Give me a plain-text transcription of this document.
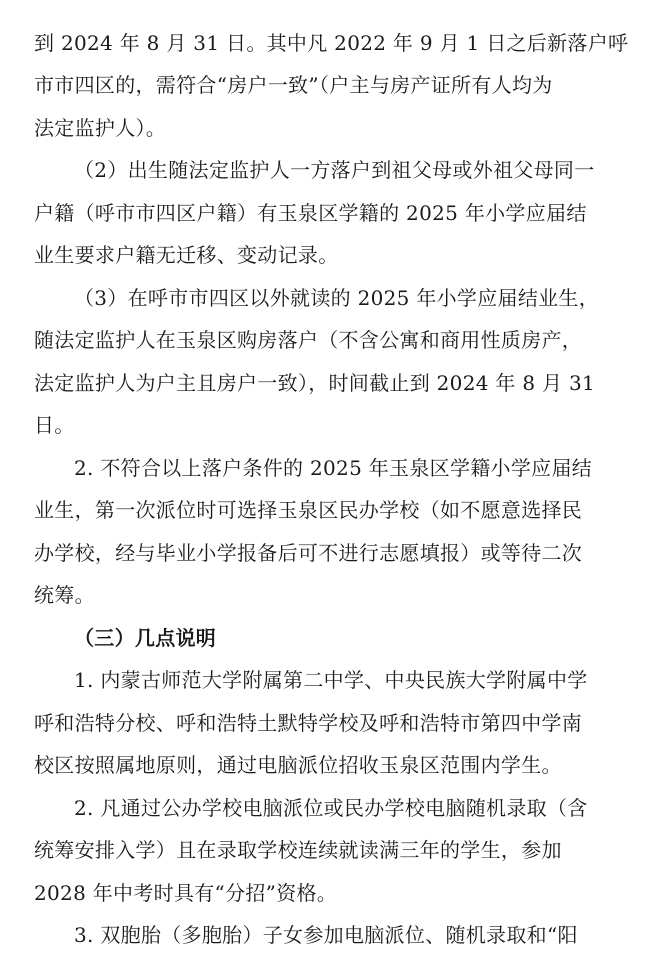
到 2024 年 8 月 31 日。其中凡 2022 年 9 月 1 日之后新落户呼
市市四区的，需符合“房户一致”（户主与房产证所有人均为
法定监护人）。
（2）出生随法定监护人一方落户到祖父母或外祖父母同一
户籍（呼市市四区户籍）有玉泉区学籍的 2025 年小学应届结
业生要求户籍无迁移、变动记录。
（3）在呼市市四区以外就读的 2025 年小学应届结业生，
随法定监护人在玉泉区购房落户（不含公寓和商用性质房产，
法定监护人为户主且房户一致），时间截止到 2024 年 8 月 31
日。
2. 不符合以上落户条件的 2025 年玉泉区学籍小学应届结
业生，第一次派位时可选择玉泉区民办学校（如不愿意选择民
办学校，经与毕业小学报备后可不进行志愿填报）或等待二次
统筹。
（三）几点说明
1. 内蒙古师范大学附属第二中学、中央民族大学附属中学
呼和浩特分校、呼和浩特土默特学校及呼和浩特市第四中学南
校区按照属地原则，通过电脑派位招收玉泉区范围内学生。
2. 凡通过公办学校电脑派位或民办学校电脑随机录取（含
统筹安排入学）且在录取学校连续就读满三年的学生，参加
2028 年中考时具有“分招”资格。
3. 双胞胎（多胞胎）子女参加电脑派位、随机录取和“阳
